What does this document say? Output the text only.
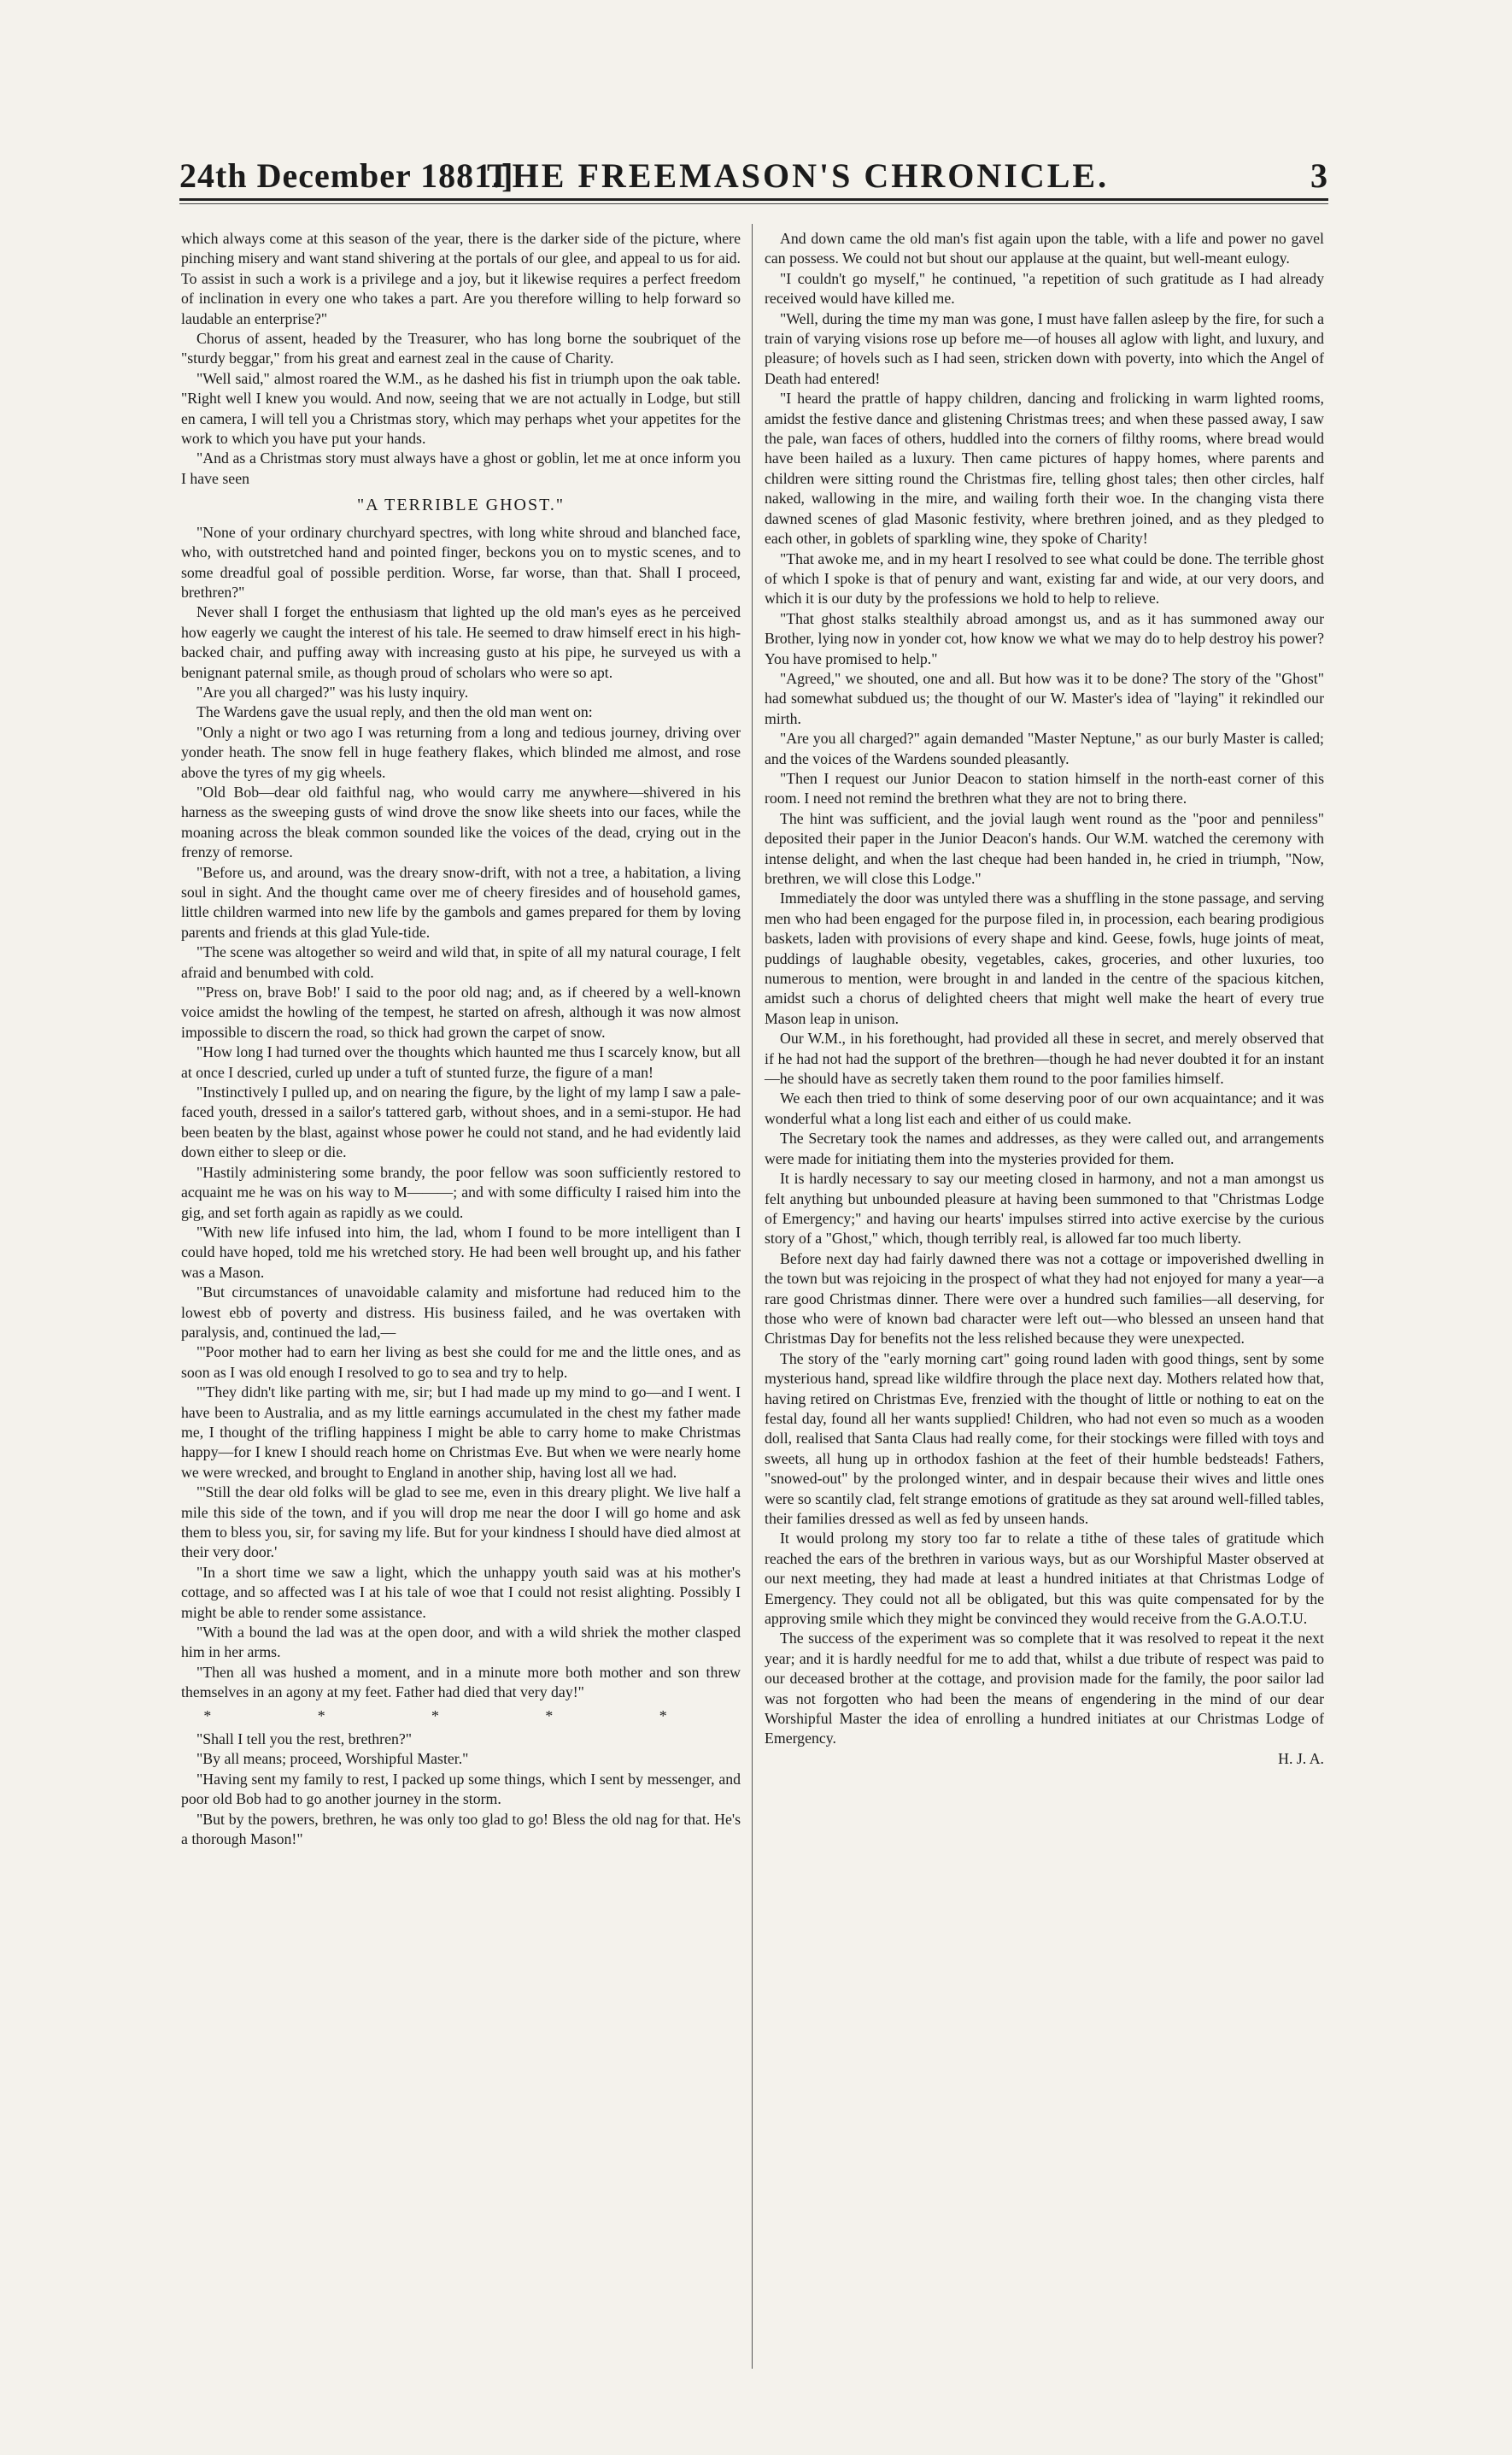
24th December 1881.]
THE FREEMASON'S CHRONICLE.	3

which always come at this season of the year, there is the darker side of the picture, where pinching misery and want stand shivering at the portals of our glee, and appeal to us for aid. To assist in such a work is a privilege and a joy, but it likewise requires a perfect freedom of inclination in every one who takes a part. Are you therefore willing to help forward so laudable an enterprise?"

Chorus of assent, headed by the Treasurer, who has long borne the soubriquet of the "sturdy beggar," from his great and earnest zeal in the cause of Charity.

"Well said," almost roared the W.M., as he dashed his fist in triumph upon the oak table. "Right well I knew you would. And now, seeing that we are not actually in Lodge, but still en camera, I will tell you a Christmas story, which may perhaps whet your appetites for the work to which you have put your hands.

"And as a Christmas story must always have a ghost or goblin, let me at once inform you I have seen

"A TERRIBLE GHOST."

"None of your ordinary churchyard spectres, with long white shroud and blanched face, who, with outstretched hand and pointed finger, beckons you on to mystic scenes, and to some dreadful goal of possible perdition. Worse, far worse, than that. Shall I proceed, brethren?"

Never shall I forget the enthusiasm that lighted up the old man's eyes as he perceived how eagerly we caught the interest of his tale. He seemed to draw himself erect in his high-backed chair, and puffing away with increasing gusto at his pipe, he surveyed us with a benignant paternal smile, as though proud of scholars who were so apt.

"Are you all charged?" was his lusty inquiry.

The Wardens gave the usual reply, and then the old man went on:

"Only a night or two ago I was returning from a long and tedious journey, driving over yonder heath. The snow fell in huge feathery flakes, which blinded me almost, and rose above the tyres of my gig wheels.

"Old Bob—dear old faithful nag, who would carry me anywhere—shivered in his harness as the sweeping gusts of wind drove the snow like sheets into our faces, while the moaning across the bleak common sounded like the voices of the dead, crying out in the frenzy of remorse.

"Before us, and around, was the dreary snow-drift, with not a tree, a habitation, a living soul in sight. And the thought came over me of cheery firesides and of household games, little children warmed into new life by the gambols and games prepared for them by loving parents and friends at this glad Yule-tide.

"The scene was altogether so weird and wild that, in spite of all my natural courage, I felt afraid and benumbed with cold.

"'Press on, brave Bob!' I said to the poor old nag; and, as if cheered by a well-known voice amidst the howling of the tempest, he started on afresh, although it was now almost impossible to discern the road, so thick had grown the carpet of snow.

"How long I had turned over the thoughts which haunted me thus I scarcely know, but all at once I descried, curled up under a tuft of stunted furze, the figure of a man!

"Instinctively I pulled up, and on nearing the figure, by the light of my lamp I saw a pale-faced youth, dressed in a sailor's tattered garb, without shoes, and in a semi-stupor. He had been beaten by the blast, against whose power he could not stand, and he had evidently laid down either to sleep or die.

"Hastily administering some brandy, the poor fellow was soon sufficiently restored to acquaint me he was on his way to M———; and with some difficulty I raised him into the gig, and set forth again as rapidly as we could.

"With new life infused into him, the lad, whom I found to be more intelligent than I could have hoped, told me his wretched story. He had been well brought up, and his father was a Mason.

"But circumstances of unavoidable calamity and misfortune had reduced him to the lowest ebb of poverty and distress. His business failed, and he was overtaken with paralysis, and, continued the lad,—

"'Poor mother had to earn her living as best she could for me and the little ones, and as soon as I was old enough I resolved to go to sea and try to help.

"'They didn't like parting with me, sir; but I had made up my mind to go—and I went. I have been to Australia, and as my little earnings accumulated in the chest my father made me, I thought of the trifling happiness I might be able to carry home to make Christmas happy—for I knew I should reach home on Christmas Eve. But when we were nearly home we were wrecked, and brought to England in another ship, having lost all we had.

"'Still the dear old folks will be glad to see me, even in this dreary plight. We live half a mile this side of the town, and if you will drop me near the door I will go home and ask them to bless you, sir, for saving my life. But for your kindness I should have died almost at their very door.'

"In a short time we saw a light, which the unhappy youth said was at his mother's cottage, and so affected was I at his tale of woe that I could not resist alighting. Possibly I might be able to render some assistance.

"With a bound the lad was at the open door, and with a wild shriek the mother clasped him in her arms.

"Then all was hushed a moment, and in a minute more both mother and son threw themselves in an agony at my feet. Father had died that very day!"

* * * * *

"Shall I tell you the rest, brethren?"

"By all means; proceed, Worshipful Master."

"Having sent my family to rest, I packed up some things, which I sent by messenger, and poor old Bob had to go another journey in the storm.

"But by the powers, brethren, he was only too glad to go! Bless the old nag for that. He's a thorough Mason!"

And down came the old man's fist again upon the table, with a life and power no gavel can possess. We could not but shout our applause at the quaint, but well-meant eulogy.

"I couldn't go myself," he continued, "a repetition of such gratitude as I had already received would have killed me.

"Well, during the time my man was gone, I must have fallen asleep by the fire, for such a train of varying visions rose up before me—of houses all aglow with light, and luxury, and pleasure; of hovels such as I had seen, stricken down with poverty, into which the Angel of Death had entered!

"I heard the prattle of happy children, dancing and frolicking in warm lighted rooms, amidst the festive dance and glistening Christmas trees; and when these passed away, I saw the pale, wan faces of others, huddled into the corners of filthy rooms, where bread would have been hailed as a luxury. Then came pictures of happy homes, where parents and children were sitting round the Christmas fire, telling ghost tales; then other circles, half naked, wallowing in the mire, and wailing forth their woe. In the changing vista there dawned scenes of glad Masonic festivity, where brethren joined, and as they pledged to each other, in goblets of sparkling wine, they spoke of Charity!

"That awoke me, and in my heart I resolved to see what could be done. The terrible ghost of which I spoke is that of penury and want, existing far and wide, at our very doors, and which it is our duty by the professions we hold to help to relieve.

"That ghost stalks stealthily abroad amongst us, and as it has summoned away our Brother, lying now in yonder cot, how know we what we may do to help destroy his power? You have promised to help."

"Agreed," we shouted, one and all. But how was it to be done? The story of the "Ghost" had somewhat subdued us; the thought of our W. Master's idea of "laying" it rekindled our mirth.

"Are you all charged?" again demanded "Master Neptune," as our burly Master is called; and the voices of the Wardens sounded pleasantly.

"Then I request our Junior Deacon to station himself in the north-east corner of this room. I need not remind the brethren what they are not to bring there.

The hint was sufficient, and the jovial laugh went round as the "poor and penniless" deposited their paper in the Junior Deacon's hands. Our W.M. watched the ceremony with intense delight, and when the last cheque had been handed in, he cried in triumph, "Now, brethren, we will close this Lodge."

Immediately the door was untyled there was a shuffling in the stone passage, and serving men who had been engaged for the purpose filed in, in procession, each bearing prodigious baskets, laden with provisions of every shape and kind. Geese, fowls, huge joints of meat, puddings of laughable obesity, vegetables, cakes, groceries, and other luxuries, too numerous to mention, were brought in and landed in the centre of the spacious kitchen, amidst such a chorus of delighted cheers that might well make the heart of every true Mason leap in unison.

Our W.M., in his forethought, had provided all these in secret, and merely observed that if he had not had the support of the brethren—though he had never doubted it for an instant—he should have as secretly taken them round to the poor families himself.

We each then tried to think of some deserving poor of our own acquaintance; and it was wonderful what a long list each and either of us could make.

The Secretary took the names and addresses, as they were called out, and arrangements were made for initiating them into the mysteries provided for them.

It is hardly necessary to say our meeting closed in harmony, and not a man amongst us felt anything but unbounded pleasure at having been summoned to that "Christmas Lodge of Emergency;" and having our hearts' impulses stirred into active exercise by the curious story of a "Ghost," which, though terribly real, is allowed far too much liberty.

Before next day had fairly dawned there was not a cottage or impoverished dwelling in the town but was rejoicing in the prospect of what they had not enjoyed for many a year—a rare good Christmas dinner. There were over a hundred such families—all deserving, for those who were of known bad character were left out—who blessed an unseen hand that Christmas Day for benefits not the less relished because they were unexpected.

The story of the "early morning cart" going round laden with good things, sent by some mysterious hand, spread like wildfire through the place next day. Mothers related how that, having retired on Christmas Eve, frenzied with the thought of little or nothing to eat on the festal day, found all her wants supplied! Children, who had not even so much as a wooden doll, realised that Santa Claus had really come, for their stockings were filled with toys and sweets, all hung up in orthodox fashion at the feet of their humble bedsteads! Fathers, "snowed-out" by the prolonged winter, and in despair because their wives and little ones were so scantily clad, felt strange emotions of gratitude as they sat around well-filled tables, their families dressed as well as fed by unseen hands.

It would prolong my story too far to relate a tithe of these tales of gratitude which reached the ears of the brethren in various ways, but as our Worshipful Master observed at our next meeting, they had made at least a hundred initiates at that Christmas Lodge of Emergency. They could not all be obligated, but this was quite compensated for by the approving smile which they might be convinced they would receive from the G.A.O.T.U.

The success of the experiment was so complete that it was resolved to repeat it the next year; and it is hardly needful for me to add that, whilst a due tribute of respect was paid to our deceased brother at the cottage, and provision made for the family, the poor sailor lad was not forgotten who had been the means of engendering in the mind of our dear Worshipful Master the idea of enrolling a hundred initiates at our Christmas Lodge of Emergency.

H. J. A.
